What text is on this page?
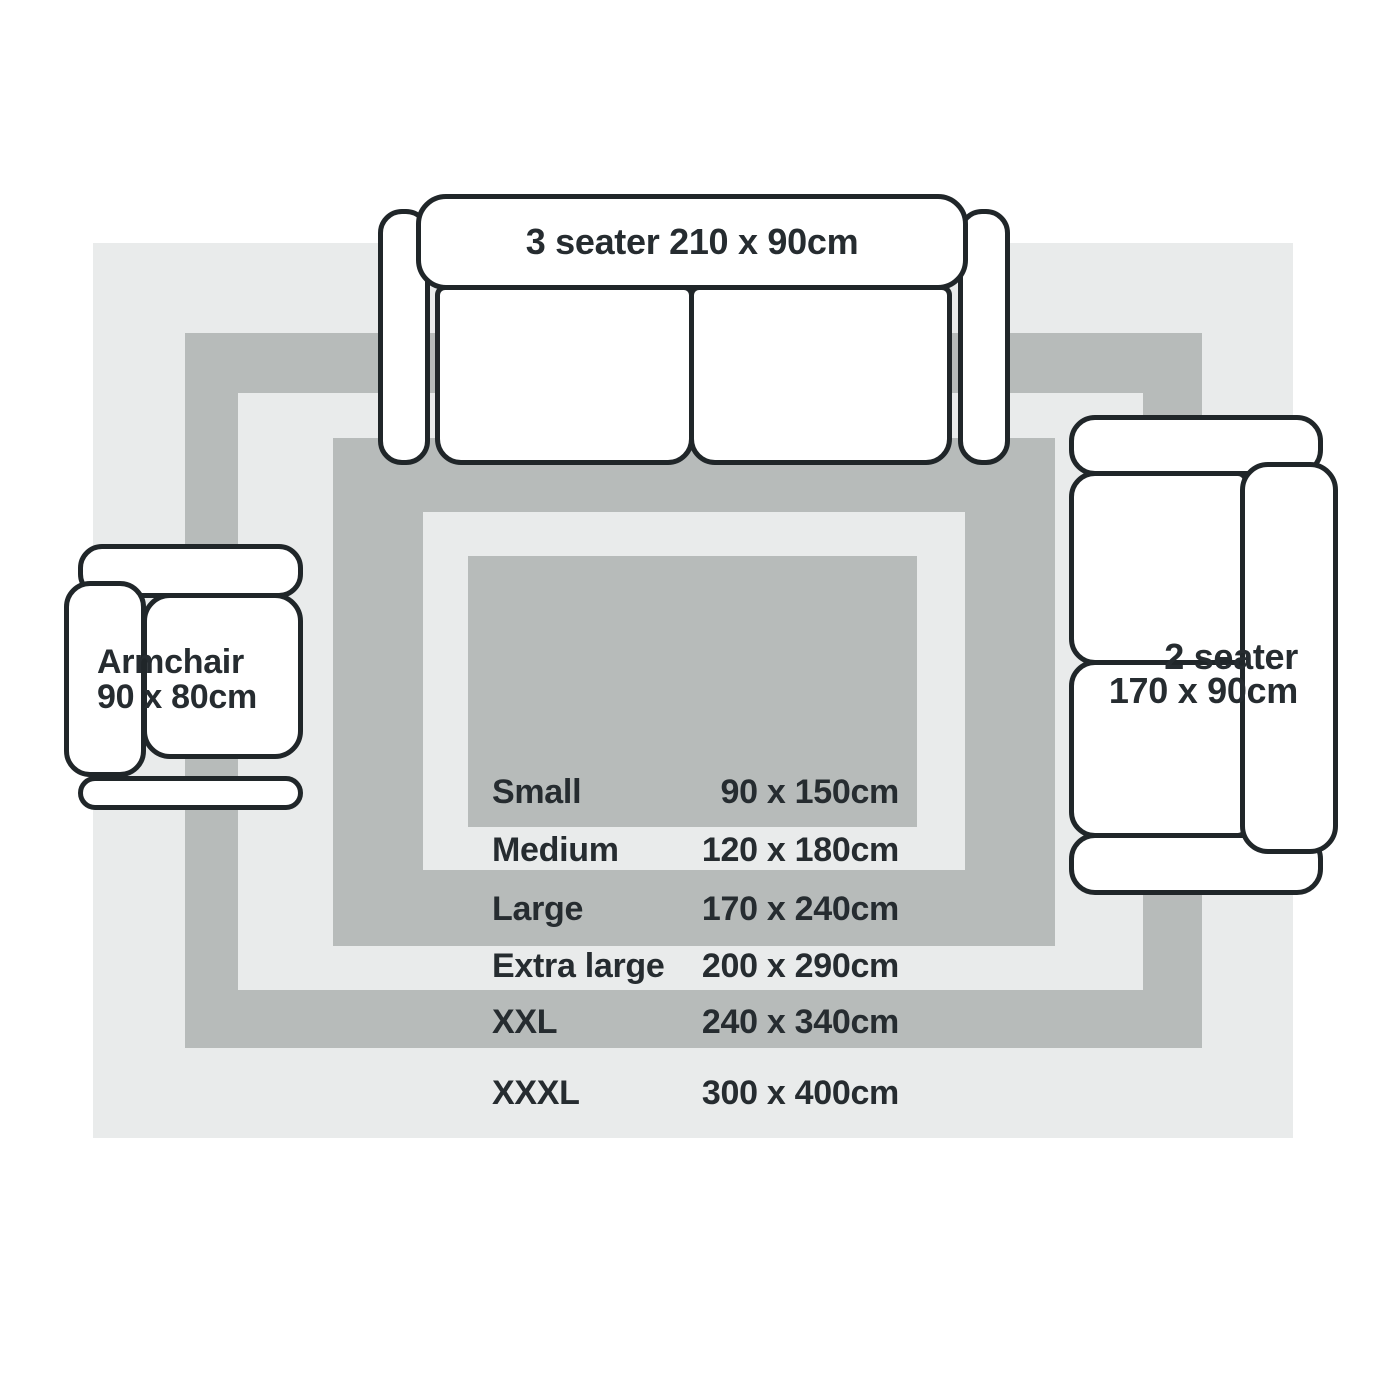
Small	90 x 150cm
Medium 120 x 180cm
Large	170 x 240cm
Extra large 200 x 290cm
XXL	240 x 340cm
XXXL	300 x 400cm
3 seater 210 x 90cm
Armchair
90 x 80cm
2 seater
170 x 90cm
